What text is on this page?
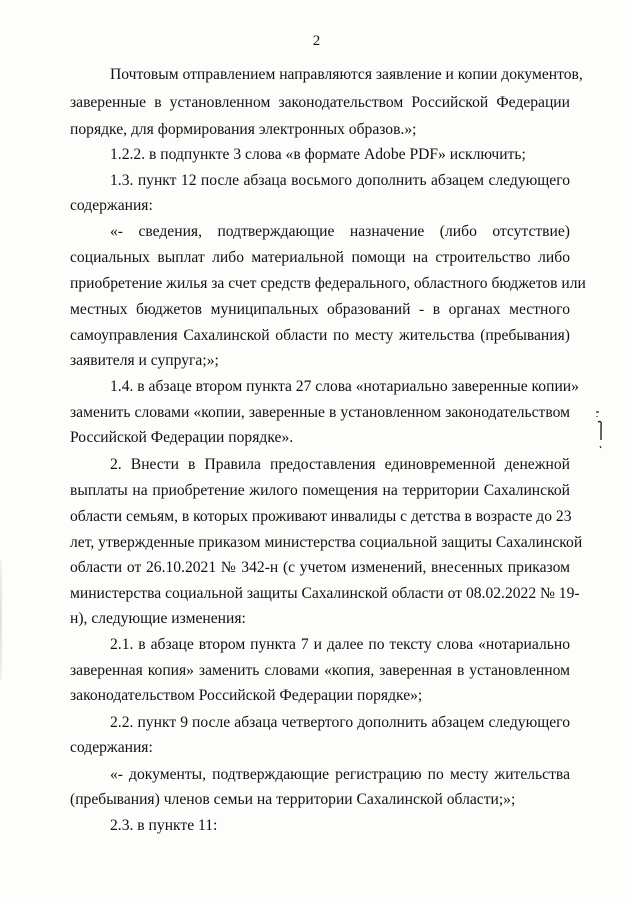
2
Почтовым отправлением направляются заявление и копии документов,
заверенные в установленном законодательством Российской Федерации
порядке, для формирования электронных образов.»;
1.2.2. в подпункте 3 слова «в формате Adobe PDF» исключить;
1.3. пункт 12 после абзаца восьмого дополнить абзацем следующего
содержания:
«- сведения, подтверждающие назначение (либо отсутствие)
социальных выплат либо материальной помощи на строительство либо
приобретение жилья за счет средств федерального, областного бюджетов или
местных бюджетов муниципальных образований - в органах местного
самоуправления Сахалинской области по месту жительства (пребывания)
заявителя и супруга;»;
1.4. в абзаце втором пункта 27 слова «нотариально заверенные копии»
заменить словами «копии, заверенные в установленном законодательством
Российской Федерации порядке».
2. Внести в Правила предоставления единовременной денежной
выплаты на приобретение жилого помещения на территории Сахалинской
области семьям, в которых проживают инвалиды с детства в возрасте до 23
лет, утвержденные приказом министерства социальной защиты Сахалинской
области от 26.10.2021 № 342-н (с учетом изменений, внесенных приказом
министерства социальной защиты Сахалинской области от 08.02.2022 № 19-
н), следующие изменения:
2.1. в абзаце втором пункта 7 и далее по тексту слова «нотариально
заверенная копия» заменить словами «копия, заверенная в установленном
законодательством Российской Федерации порядке»;
2.2. пункт 9 после абзаца четвертого дополнить абзацем следующего
содержания:
«- документы, подтверждающие регистрацию по месту жительства
(пребывания) членов семьи на территории Сахалинской области;»;
2.3. в пункте 11:
